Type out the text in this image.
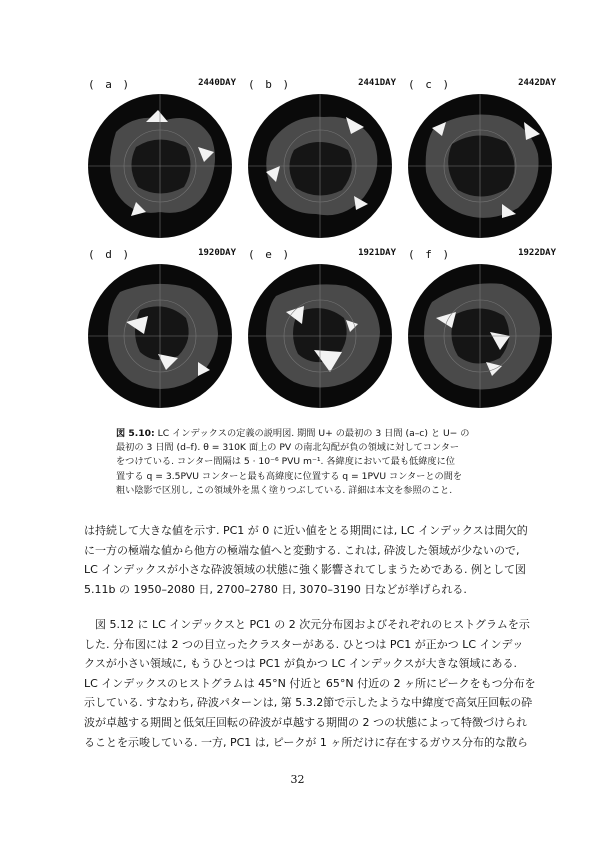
( a )	2440DAY ( b )	2441DAY ( c )	2442DAY
( d )	1920DAY ( e )	1921DAY ( f )	1922DAY
図 5.10: LC インデックスの定義の説明図. 期間 U+ の最初の 3 日間 (a–c) と U− の
最初の 3 日間 (d–f). θ = 310K 面上の PV の南北勾配が負の領域に対してコンター
をつけている. コンター間隔は 5 · 10⁻⁶ PVU m⁻¹. 各緯度において最も低緯度に位
置する q = 3.5PVU コンターと最も高緯度に位置する q = 1PVU コンターとの間を
粗い陰影で区別し, この領域外を黒く塗りつぶしている. 詳細は本文を参照のこと.
は持続して大きな値を示す. PC1 が 0 に近い値をとる期間には, LC インデックスは間欠的
に一方の極端な値から他方の極端な値へと変動する. これは, 砕波した領域が少ないので,
LC インデックスが小さな砕波領域の状態に強く影響されてしまうためである. 例として図
5.11b の 1950–2080 日, 2700–2780 日, 3070–3190 日などが挙げられる.
図 5.12 に LC インデックスと PC1 の 2 次元分布図およびそれぞれのヒストグラムを示
した. 分布図には 2 つの目立ったクラスターがある. ひとつは PC1 が正かつ LC インデッ
クスが小さい領域に, もうひとつは PC1 が負かつ LC インデックスが大きな領域にある.
LC インデックスのヒストグラムは 45°N 付近と 65°N 付近の 2 ヶ所にピークをもつ分布を
示している. すなわち, 砕波パターンは, 第 5.3.2節で示したような中緯度で高気圧回転の砕
波が卓越する期間と低気圧回転の砕波が卓越する期間の 2 つの状態によって特徴づけられ
ることを示唆している. 一方, PC1 は, ピークが 1 ヶ所だけに存在するガウス分布的な散ら
32
